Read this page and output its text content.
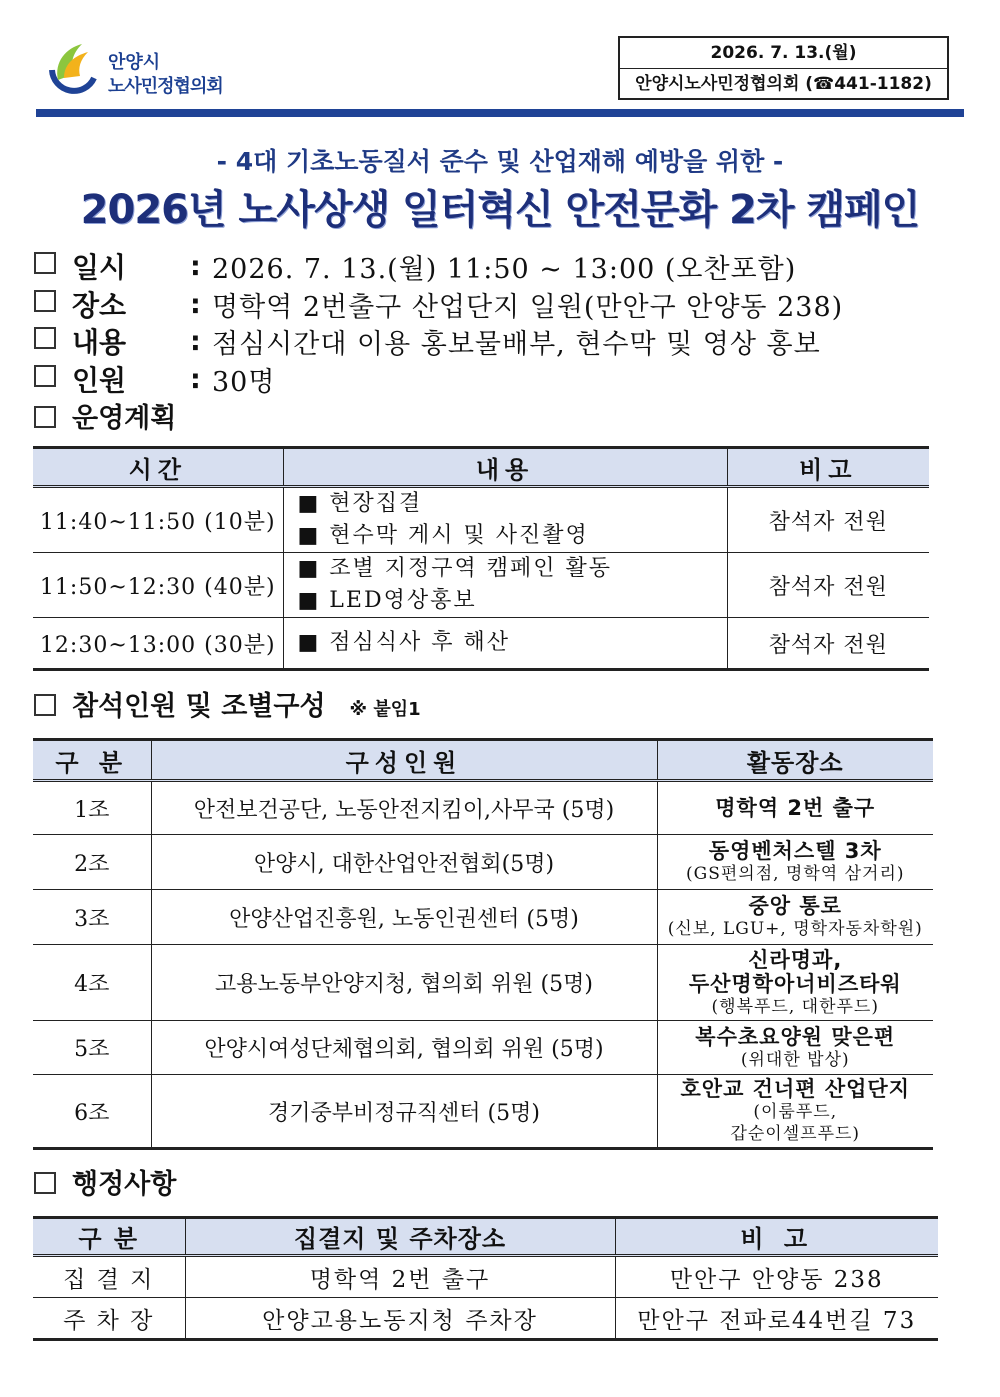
안양시
노사민정협의회
2026. 7. 13.(월)
안양시노사민정협의회 (☎441-1182)
- 4대 기초노동질서 준수 및 산업재해 예방을 위한 -
2026년 노사상생 일터혁신 안전문화 2차 캠페인
일시 : 2026. 7. 13.(월) 11:50 ~ 13:00 (오찬포함)
장소 : 명학역 2번출구 산업단지 일원(만안구 안양동 238)
내용 : 점심시간대 이용 홍보물배부, 현수막 및 영상 홍보
인원 : 30명
운영계획
시간	내용	비고
11:40~11:50 (10분)	■ 현장집결
■ 현수막 게시 및 사진촬영	참석자 전원
11:50~12:30 (40분)	■ 조별 지정구역 캠페인 활동
■ LED영상홍보	참석자 전원
12:30~13:00 (30분)	■ 점심식사 후 해산	참석자 전원
참석인원 및 조별구성 ※ 붙임1
구 분	구성인원	활동장소
1조	안전보건공단, 노동안전지킴이,사무국 (5명)	명학역 2번 출구
2조	안양시, 대한산업안전협회(5명)	동영벤처스텔 3차
(GS편의점, 명학역 삼거리)

3조	안양산업진흥원, 노동인권센터 (5명)	중앙 통로
(신보, LGU+, 명학자동차학원)

4조	고용노동부안양지청, 협의회 위원 (5명)	신라명과,
두산명학아너비즈타워
(행복푸드, 대한푸드)

5조	안양시여성단체협의회, 협의회 위원 (5명)	복수초요양원 맞은편
(위대한 밥상)

6조	경기중부비정규직센터 (5명)	호안교 건너편 산업단지
(이룸푸드,
갑순이셀프푸드)
행정사항
구 분	집결지 및 주차장소	비 고
집 결 지	명학역 2번 출구	만안구 안양동 238
주 차 장	안양고용노동지청 주차장	만안구 전파로44번길 73
